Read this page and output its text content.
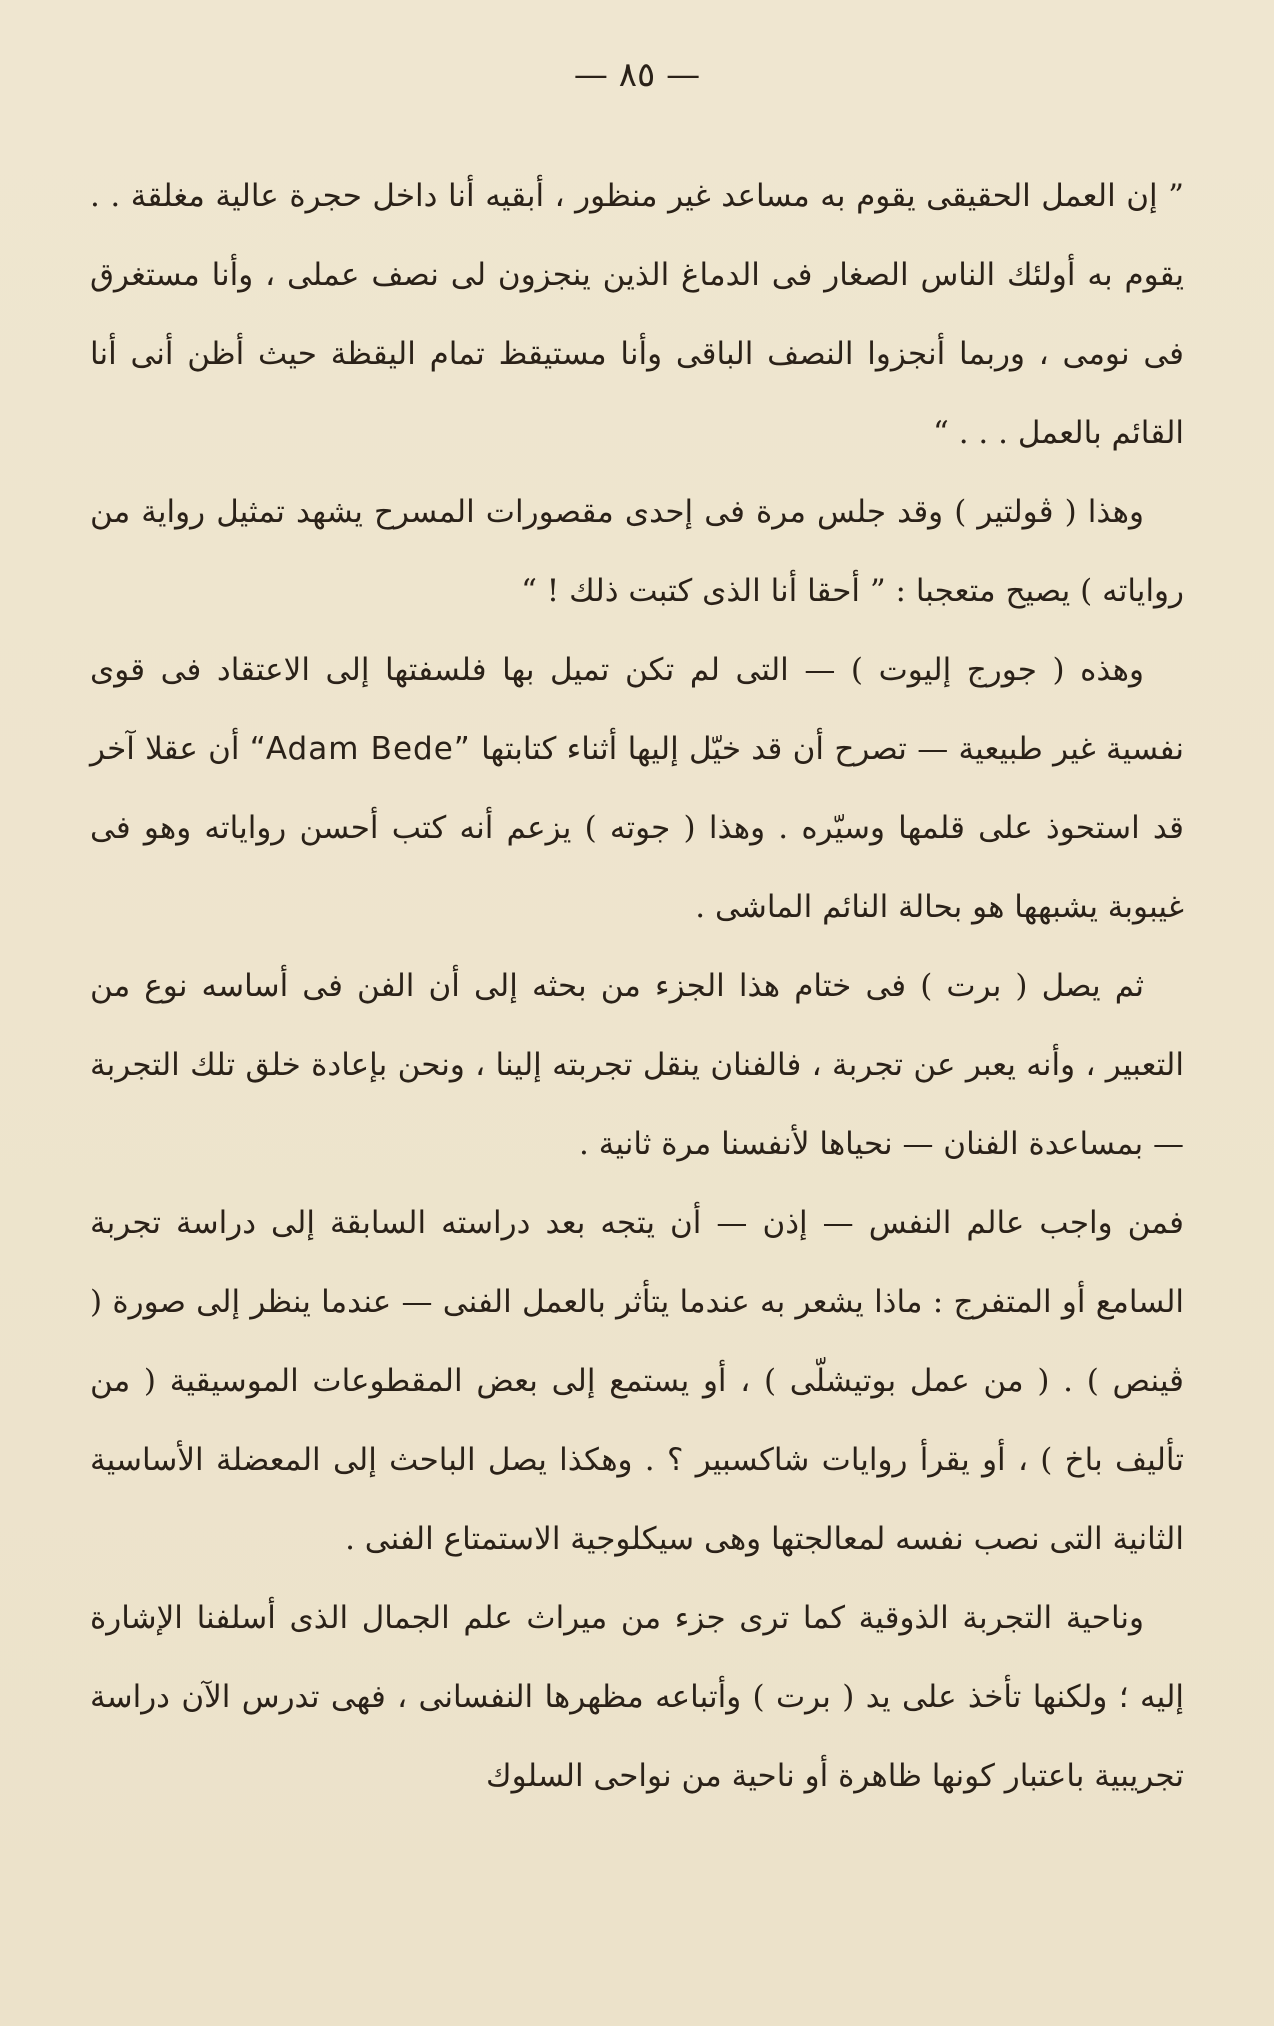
— ٨٥ —

” إن العمل الحقيقى يقوم به مساعد غير منظور ، أبقيه أنا داخل حجرة عالية مغلقة . . يقوم به أولئك الناس الصغار فى الدماغ الذين ينجزون لى نصف عملى ، وأنا مستغرق فى نومى ، وربما أنجزوا النصف الباقى وأنا مستيقظ تمام اليقظة حيث أظن أنى أنا القائم بالعمل . . . “

وهذا ( ڤولتير ) وقد جلس مرة فى إحدى مقصورات المسرح يشهد تمثيل رواية من رواياته ) يصيح متعجبا : ” أحقا أنا الذى كتبت ذلك ! “

وهذه ( جورج إليوت ) — التى لم تكن تميل بها فلسفتها إلى الاعتقاد فى قوى نفسية غير طبيعية — تصرح أن قد خيّل إليها أثناء كتابتها “Adam Bede” أن عقلا آخر قد استحوذ على قلمها وسيّره . وهذا ( جوته ) يزعم أنه كتب أحسن رواياته وهو فى غيبوبة يشبهها هو بحالة النائم الماشى .

ثم يصل ( برت ) فى ختام هذا الجزء من بحثه إلى أن الفن فى أساسه نوع من التعبير ، وأنه يعبر عن تجربة ، فالفنان ينقل تجربته إلينا ، ونحن بإعادة خلق تلك التجربة — بمساعدة الفنان — نحياها لأنفسنا مرة ثانية .

فمن واجب عالم النفس — إذن — أن يتجه بعد دراسته السابقة إلى دراسة تجربة السامع أو المتفرج : ماذا يشعر به عندما يتأثر بالعمل الفنى — عندما ينظر إلى صورة ( ڤينص ) . ( من عمل بوتيشلّى ) ، أو يستمع إلى بعض المقطوعات الموسيقية ( من تأليف باخ ) ، أو يقرأ روايات شاكسبير ؟ . وهكذا يصل الباحث إلى المعضلة الأساسية الثانية التى نصب نفسه لمعالجتها وهى سيكلوجية الاستمتاع الفنى .

وناحية التجربة الذوقية كما ترى جزء من ميراث علم الجمال الذى أسلفنا الإشارة إليه ؛ ولكنها تأخذ على يد ( برت ) وأتباعه مظهرها النفسانى ، فهى تدرس الآن دراسة تجريبية باعتبار كونها ظاهرة أو ناحية من نواحى السلوك
